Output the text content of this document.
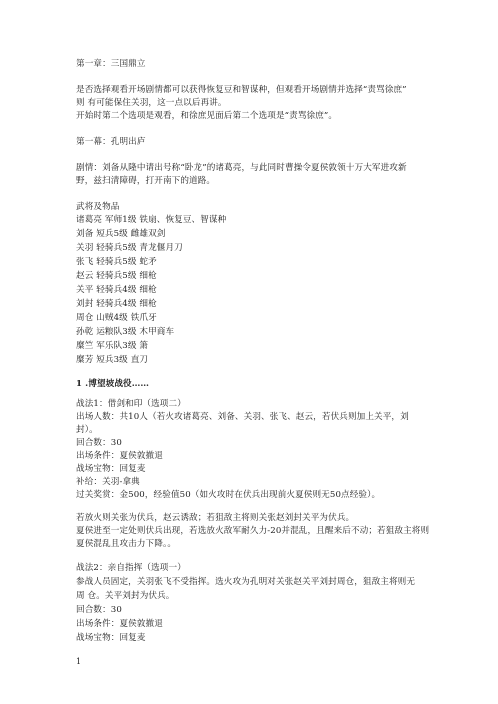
第一章：三国鼎立
是否选择观看开场剧情都可以获得恢复豆和智谋种，但观看开场剧情并选择“责骂徐庶”
则 有可能保住关羽，这一点以后再讲。
开始时第二个选项是观看，和徐庶见面后第二个选项是“责骂徐庶”。
第一幕：孔明出庐
剧情：刘备从隆中请出号称“卧龙”的诸葛亮，与此同时曹操令夏侯敦领十万大军进攻新
野，兹扫清障碍，打开南下的道路。
武将及物品
诸葛亮 军师1级 铁扇、恢复豆、智谋种
刘备 短兵5级 雌雄双剑
关羽 轻骑兵5级 青龙偃月刀
张飞 轻骑兵5级 蛇矛
赵云 轻骑兵5级 细枪
关平 轻骑兵4级 细枪
刘封 轻骑兵4级 细枪
周仓 山贼4级 铁爪牙
孙乾 运粮队3级 木甲商车
糜竺 军乐队3级 箫
糜芳 短兵3级 直刀
1 .博望坡战役……
战法1：借剑和印（选项二）
出场人数：共10人（若火攻诸葛亮、刘备、关羽、张飞、赵云，若伏兵则加上关平，刘
封）。
回合数：30
出场条件：夏侯敦撤退
战场宝物：回复麦
补给：关羽-拿典
过关奖赏：金500，经验值50（如火攻时在伏兵出现前火夏侯则无50点经验）。
若放火则关张为伏兵，赵云诱敌；若狙敌主将则关张赵刘封关平为伏兵。
夏侯进至一定处则伏兵出现，若选放火敌军耐久力-20并混乱，且醒来后不动；若狙敌主将则
夏侯混乱且攻击力下降。。
战法2：亲自指挥（选项一）
参战人员固定，关羽张飞不受指挥。选火攻为孔明对关张赵关平刘封周仓，狙敌主将则无
周 仓。关平刘封为伏兵。
回合数：30
出场条件：夏侯敦撤退
战场宝物：回复麦
1
